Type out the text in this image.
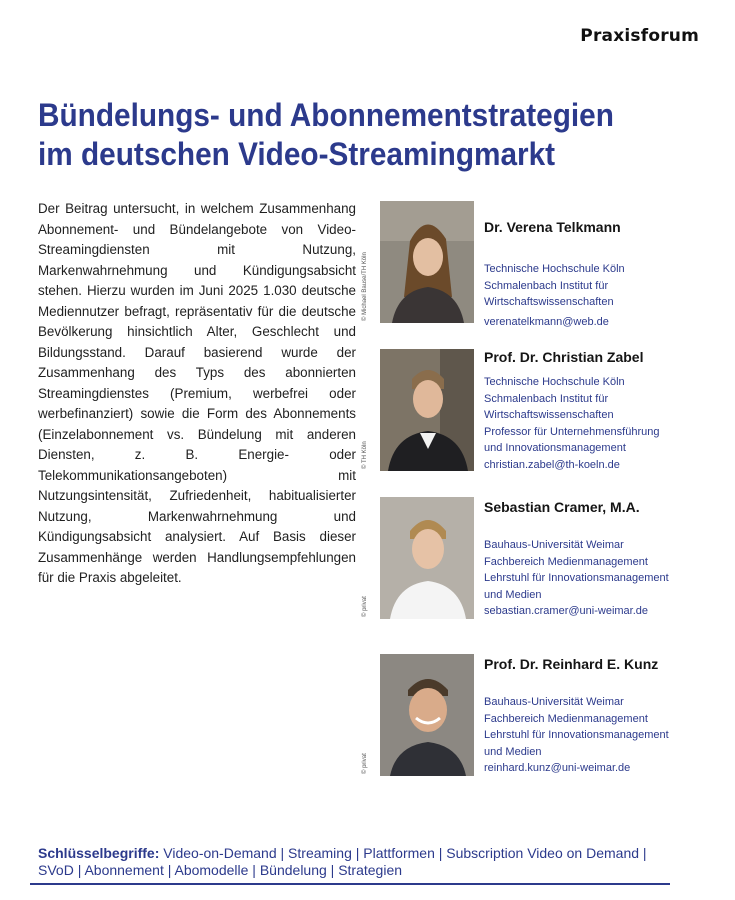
Praxisforum
Bündelungs- und Abonnementstrategien
im deutschen Video-Streamingmarkt

Der Beitrag untersucht, in welchem Zusammenhang Abonnement- und Bündelangebote von Video-Streamingdiensten mit Nutzung, Markenwahrnehmung und Kündigungsabsicht stehen. Hierzu wurden im Juni 2025 1.030 deutsche Mediennutzer befragt, repräsentativ für die deutsche Bevölkerung hinsichtlich Alter, Geschlecht und Bildungsstand. Darauf basierend wurde der Zusammenhang des Typs des abonnierten Streamingdienstes (Premium, werbefrei oder werbefinanziert) sowie die Form des Abonnements (Einzelabonnement vs. Bündelung mit anderen Diensten, z. B. Energie- oder Telekommunikationsangeboten) mit Nutzungsintensität, Zufriedenheit, habitualisierter Nutzung, Markenwahrnehmung und Kündigungsabsicht analysiert. Auf Basis dieser Zusammenhänge werden Handlungsempfehlungen für die Praxis abgeleitet.

© Michael Bause/TH Köln
Dr. Verena Telkmann
Technische Hochschule Köln
Schmalenbach Institut für
Wirtschaftswissenschaften
verenatelkmann@web.de
© TH Köln
Prof. Dr. Christian Zabel
Technische Hochschule Köln
Schmalenbach Institut für
Wirtschaftswissenschaften
Professor für Unternehmensführung
und Innovationsmanagement
christian.zabel@th-koeln.de
© privat
Sebastian Cramer, M.A.
Bauhaus-Universität Weimar
Fachbereich Medienmanagement
Lehrstuhl für Innovationsmanagement
und Medien
sebastian.cramer@uni-weimar.de
© privat
Prof. Dr. Reinhard E. Kunz
Bauhaus-Universität Weimar
Fachbereich Medienmanagement
Lehrstuhl für Innovationsmanagement
und Medien
reinhard.kunz@uni-weimar.de
Schlüsselbegriffe: Video-on-Demand | Streaming | Plattformen | Subscription Video on Demand | SVoD | Abonnement | Abomodelle | Bündelung | Strategien
